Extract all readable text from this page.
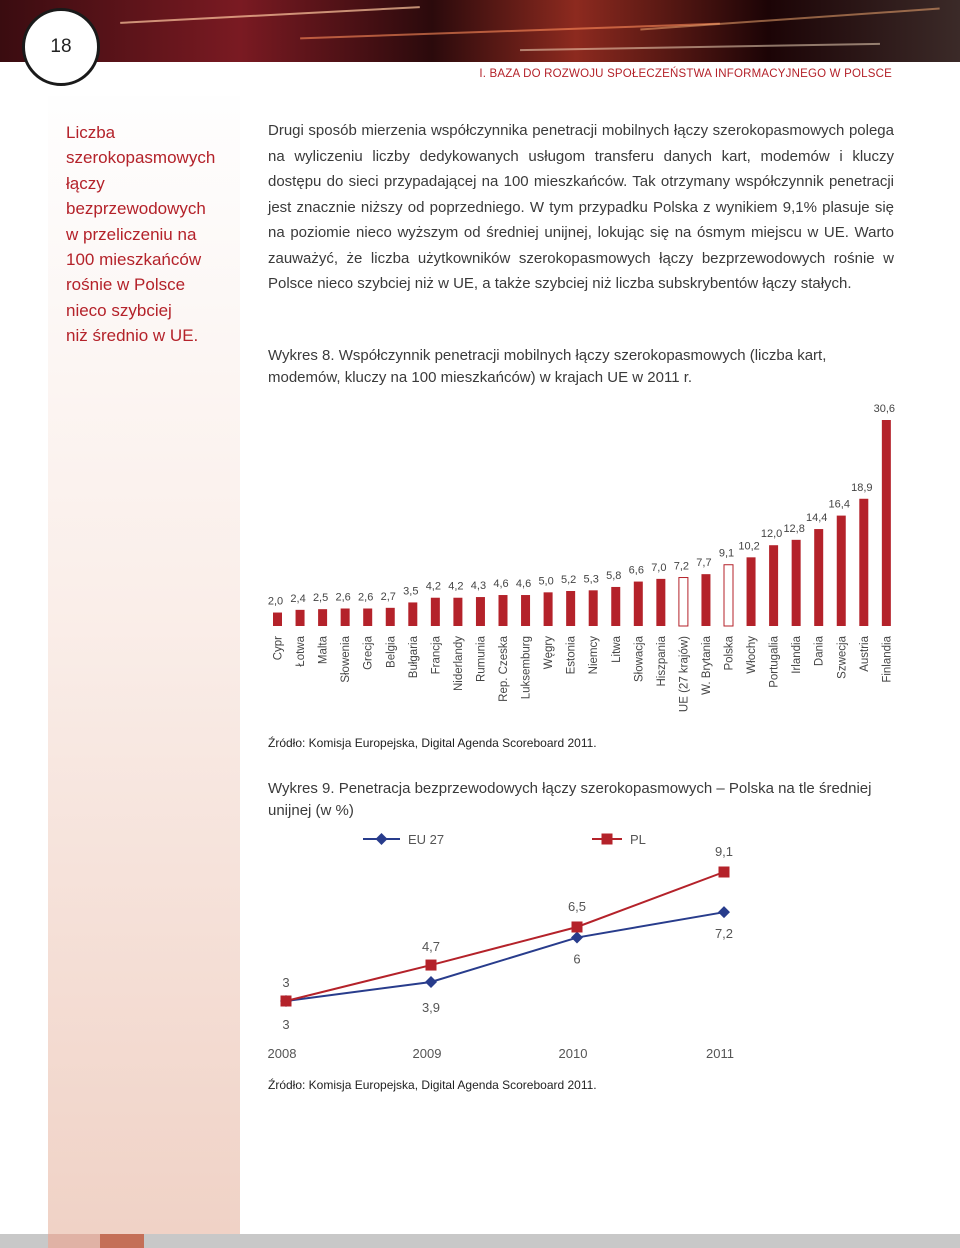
18
I. BAZA DO ROZWOJU SPOŁECZEŃSTWA INFORMACYJNEGO W POLSCE
Liczba
szerokopasmowych
łączy
bezprzewodowych
w przeliczeniu na
100 mieszkańców
rośnie w Polsce
nieco szybciej
niż średnio w UE.
Drugi sposób mierzenia współczynnika penetracji mobilnych łączy szerokopasmowych polega na wyliczeniu liczby dedykowanych usługom transferu danych kart, modemów i kluczy dostępu do sieci przypadającej na 100 mieszkańców. Tak otrzymany współczynnik penetracji jest znacznie niższy od poprzedniego. W tym przypadku Polska z wynikiem 9,1% plasuje się na poziomie nieco wyższym od średniej unijnej, lokując się na ósmym miejscu w UE. Warto zauważyć, że liczba użytkowników szerokopasmowych łączy bezprzewodowych rośnie w Polsce nieco szybciej niż w UE, a także szybciej niż liczba subskrybentów łączy stałych.
Wykres 8. Współczynnik penetracji mobilnych łączy szerokopasmowych (liczba kart, modemów, kluczy na 100 mieszkańców) w krajach UE w 2011 r.
2,0
Cypr
2,4
Łotwa
2,5
Malta
2,6
Słowenia
2,6
Grecja
2,7
Belgia
3,5
Bułgaria
4,2
Francja
4,2
Niderlandy
4,3
Rumunia
4,6
Rep. Czeska
4,6
Luksemburg
5,0
Węgry
5,2
Estonia
5,3
Niemcy
5,8
Litwa
6,6
Słowacja
7,0
Hiszpania
7,2
UE (27 krajów)
7,7
W. Brytania
9,1
Polska
10,2
Włochy
12,0
Portugalia
12,8
Irlandia
14,4
Dania
16,4
Szwecja
18,9
Austria
30,6
Finlandia
Źródło: Komisja Europejska, Digital Agenda Scoreboard 2011.
Wykres 9. Penetracja bezprzewodowych łączy szerokopasmowych – Polska na tle średniej unijnej (w %)
EU 27	PL
3
3,9
6
7,2
3
4,7
6,5
9,1
2008	2009	2010	2011
Źródło: Komisja Europejska, Digital Agenda Scoreboard 2011.
